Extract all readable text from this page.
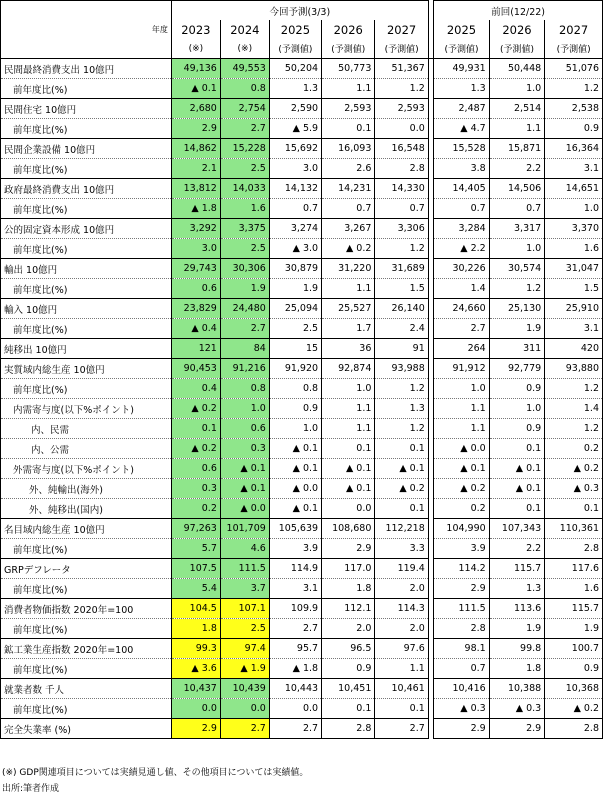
	今回予測(3/3)						前回(12/22)		
年度	2023	2024	2025	2026	2027		2025	2026	2027
	(※)	(※)	(予測値)	(予測値)	(予測値)		(予測値)	(予測値)	(予測値)
民間最終消費支出 10億円	49,136	49,553	50,204	50,773	51,367		49,931	50,448	51,076
前年度比(%)	▲ 0.1	0.8	1.3	1.1	1.2		1.3	1.0	1.2
民間住宅 10億円	2,680	2,754	2,590	2,593	2,593		2,487	2,514	2,538
前年度比(%)	2.9	2.7	▲ 5.9	0.1	0.0		▲ 4.7	1.1	0.9
民間企業設備 10億円	14,862	15,228	15,692	16,093	16,548		15,528	15,871	16,364
前年度比(%)	2.1	2.5	3.0	2.6	2.8		3.8	2.2	3.1
政府最終消費支出 10億円	13,812	14,033	14,132	14,231	14,330		14,405	14,506	14,651
前年度比(%)	▲ 1.8	1.6	0.7	0.7	0.7		0.7	0.7	1.0
公的固定資本形成 10億円	3,292	3,375	3,274	3,267	3,306		3,284	3,317	3,370
前年度比(%)	3.0	2.5	▲ 3.0	▲ 0.2	1.2		▲ 2.2	1.0	1.6
輸出 10億円	29,743	30,306	30,879	31,220	31,689		30,226	30,574	31,047
前年度比(%)	0.6	1.9	1.9	1.1	1.5		1.4	1.2	1.5
輸入 10億円	23,829	24,480	25,094	25,527	26,140		24,660	25,130	25,910
前年度比(%)	▲ 0.4	2.7	2.5	1.7	2.4		2.7	1.9	3.1
純移出 10億円	121	84	15	36	91		264	311	420
実質域内総生産 10億円	90,453	91,216	91,920	92,874	93,988		91,912	92,779	93,880
前年度比(%)	0.4	0.8	0.8	1.0	1.2		1.0	0.9	1.2
内需寄与度(以下%ポイント)	▲ 0.2	1.0	0.9	1.1	1.3		1.1	1.0	1.4
内、民需	0.1	0.6	1.0	1.1	1.2		1.1	0.9	1.2
内、公需	▲ 0.2	0.3	▲ 0.1	0.1	0.1		▲ 0.0	0.1	0.2
外需寄与度(以下%ポイント)	0.6	▲ 0.1	▲ 0.1	▲ 0.1	▲ 0.1		▲ 0.1	▲ 0.1	▲ 0.2
外、純輸出(海外)	0.3	▲ 0.1	▲ 0.0	▲ 0.1	▲ 0.2		▲ 0.2	▲ 0.1	▲ 0.3
外、純移出(国内)	0.2	▲ 0.0	▲ 0.1	0.0	0.1		0.2	0.1	0.1
名目域内総生産 10億円	97,263	101,709	105,639	108,680	112,218		104,990	107,343	110,361
前年度比(%)	5.7	4.6	3.9	2.9	3.3		3.9	2.2	2.8
GRPデフレータ	107.5	111.5	114.9	117.0	119.4		114.2	115.7	117.6
前年度比(%)	5.4	3.7	3.1	1.8	2.0		2.9	1.3	1.6
消費者物価指数 2020年=100	104.5	107.1	109.9	112.1	114.3		111.5	113.6	115.7
前年度比(%)	1.8	2.5	2.7	2.0	2.0		2.8	1.9	1.9
鉱工業生産指数 2020年=100	99.3	97.4	95.7	96.5	97.6		98.1	99.8	100.7
前年度比(%)	▲ 3.6	▲ 1.9	▲ 1.8	0.9	1.1		0.7	1.8	0.9
就業者数 千人	10,437	10,439	10,443	10,451	10,461		10,416	10,388	10,368
前年度比(%)	0.0	0.0	0.0	0.1	0.1		▲ 0.3	▲ 0.3	▲ 0.2
完全失業率 (%)	2.9	2.7	2.7	2.8	2.7		2.9	2.9	2.8
(※) GDP関連項目については実績見通し値、その他項目については実績値。
出所:筆者作成
